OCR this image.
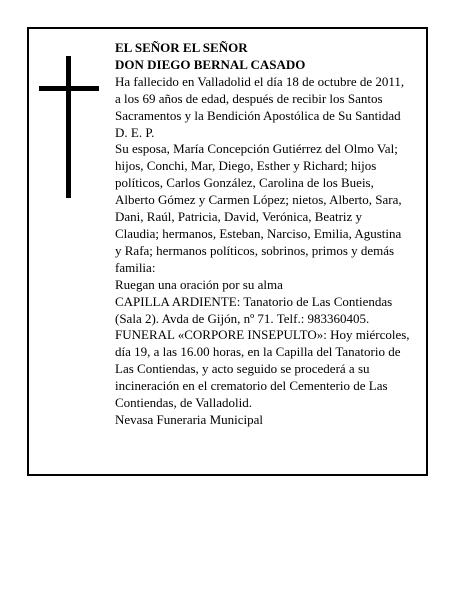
EL SEÑOR EL SEÑOR
DON DIEGO BERNAL CASADO
Ha fallecido en Valladolid el día 18 de octubre de 2011,
a los 69 años de edad, después de recibir los Santos
Sacramentos y la Bendición Apostólica de Su Santidad
D. E. P.
Su esposa, María Concepción Gutiérrez del Olmo Val;
hijos, Conchi, Mar, Diego, Esther y Richard; hijos
políticos, Carlos González, Carolina de los Bueis,
Alberto Gómez y Carmen López; nietos, Alberto, Sara,
Dani, Raúl, Patricia, David, Verónica, Beatriz y
Claudia; hermanos, Esteban, Narciso, Emilia, Agustina
y Rafa; hermanos políticos, sobrinos, primos y demás
familia:
Ruegan una oración por su alma
CAPILLA ARDIENTE: Tanatorio de Las Contiendas
(Sala 2). Avda de Gijón, nº 71. Telf.: 983360405.
FUNERAL «CORPORE INSEPULTO»: Hoy miércoles,
día 19, a las 16.00 horas, en la Capilla del Tanatorio de
Las Contiendas, y acto seguido se procederá a su
incineración en el crematorio del Cementerio de Las
Contiendas, de Valladolid.
Nevasa Funeraria Municipal
